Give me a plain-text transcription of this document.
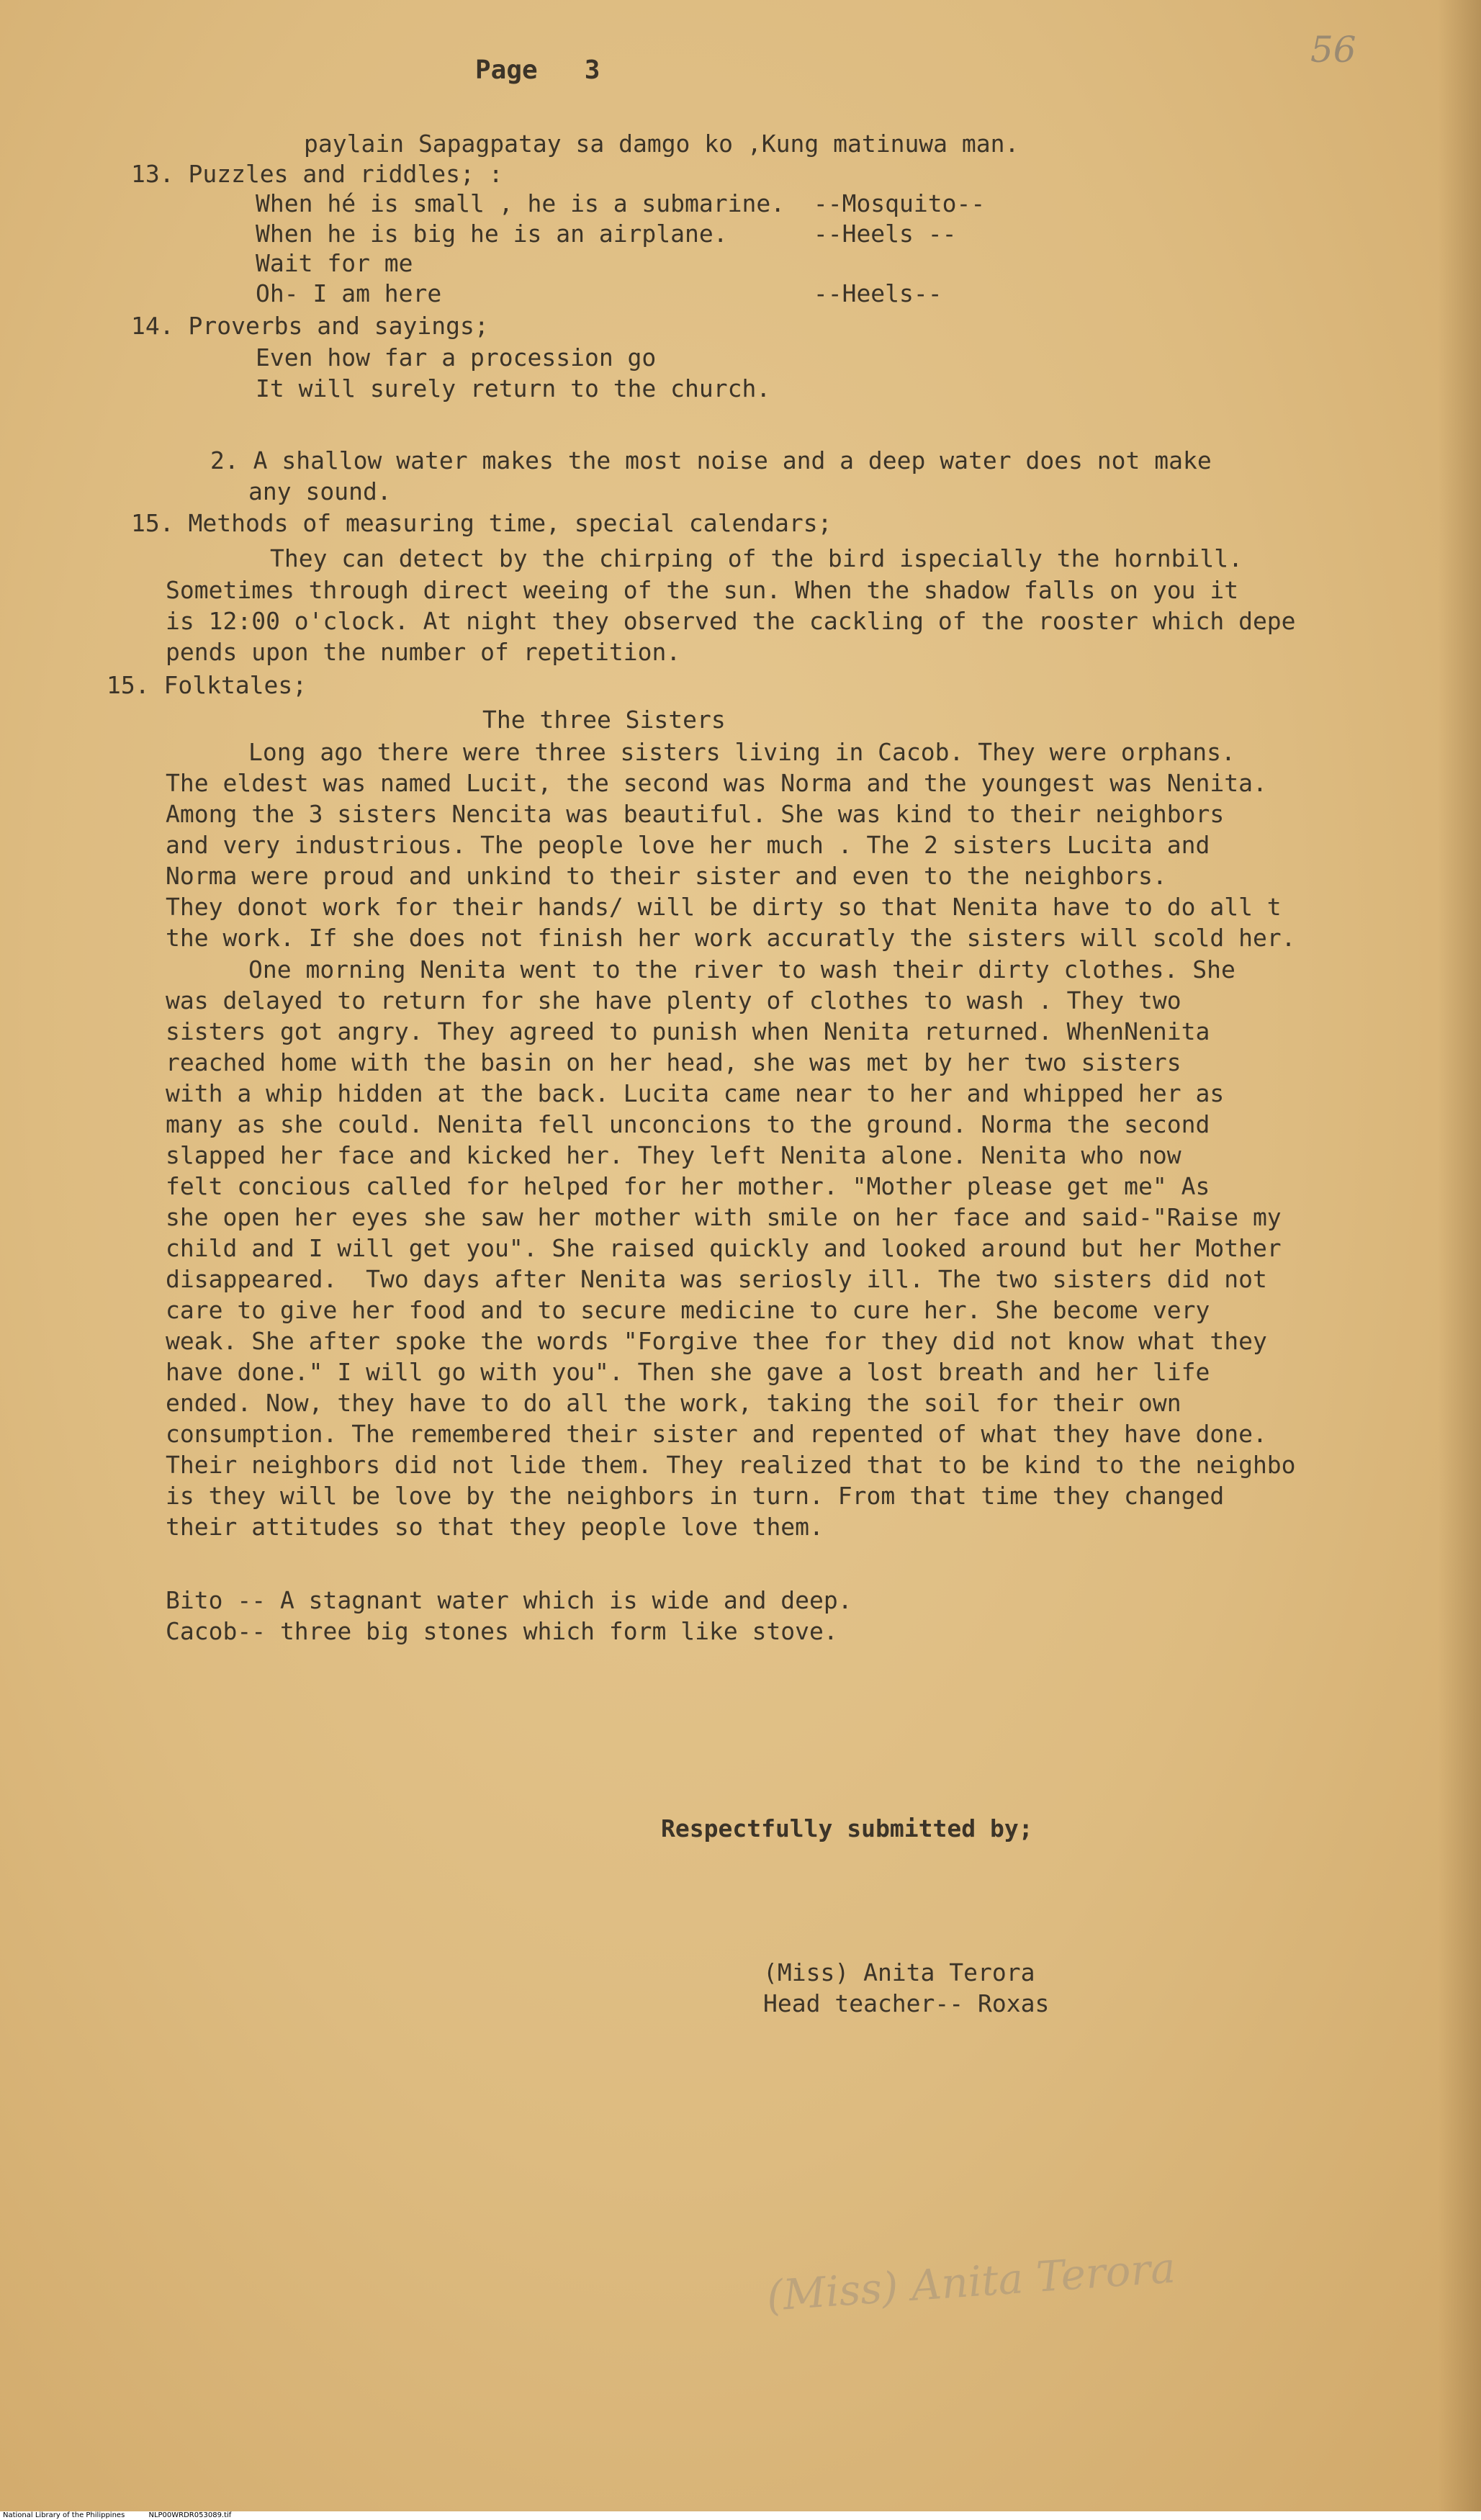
Page   3	56
paylain Sapagpatay sa damgo ko ,Kung matinuwa man.
13. Puzzles and riddles; :
When hé is small , he is a submarine.  --Mosquito--
When he is big he is an airplane.      --Heels --
Wait for me
Oh- I am here                          --Heels--
14. Proverbs and sayings;
Even how far a procession go
It will surely return to the church.
2. A shallow water makes the most noise and a deep water does not make
any sound.
15. Methods of measuring time, special calendars;
They can detect by the chirping of the bird ispecially the hornbill.
Sometimes through direct weeing of the sun. When the shadow falls on you it
is 12:00 o'clock. At night they observed the cackling of the rooster which depe
pends upon the number of repetition.
15. Folktales;
The three Sisters
Long ago there were three sisters living in Cacob. They were orphans.
The eldest was named Lucit, the second was Norma and the youngest was Nenita.
Among the 3 sisters Nencita was beautiful. She was kind to their neighbors
and very industrious. The people love her much . The 2 sisters Lucita and
Norma were proud and unkind to their sister and even to the neighbors.
They donot work for their hands/ will be dirty so that Nenita have to do all t
the work. If she does not finish her work accuratly the sisters will scold her.
One morning Nenita went to the river to wash their dirty clothes. She
was delayed to return for she have plenty of clothes to wash . They two
sisters got angry. They agreed to punish when Nenita returned. WhenNenita
reached home with the basin on her head, she was met by her two sisters
with a whip hidden at the back. Lucita came near to her and whipped her as
many as she could. Nenita fell unconcions to the ground. Norma the second
slapped her face and kicked her. They left Nenita alone. Nenita who now
felt concious called for helped for her mother. "Mother please get me" As
she open her eyes she saw her mother with smile on her face and said-"Raise my
child and I will get you". She raised quickly and looked around but her Mother
disappeared.  Two days after Nenita was seriosly ill. The two sisters did not
care to give her food and to secure medicine to cure her. She become very
weak. She after spoke the words "Forgive thee for they did not know what they
have done." I will go with you". Then she gave a lost breath and her life
ended. Now, they have to do all the work, taking the soil for their own
consumption. The remembered their sister and repented of what they have done.
Their neighbors did not lide them. They realized that to be kind to the neighbo
is they will be love by the neighbors in turn. From that time they changed
their attitudes so that they people love them.
Bito -- A stagnant water which is wide and deep.
Cacob-- three big stones which form like stove.
Respectfully submitted by;
(Miss) Anita Terora
(Miss) Anita Terora
Head teacher-- Roxas
National Library of the Philippines	NLP00WRDR053089.tif
